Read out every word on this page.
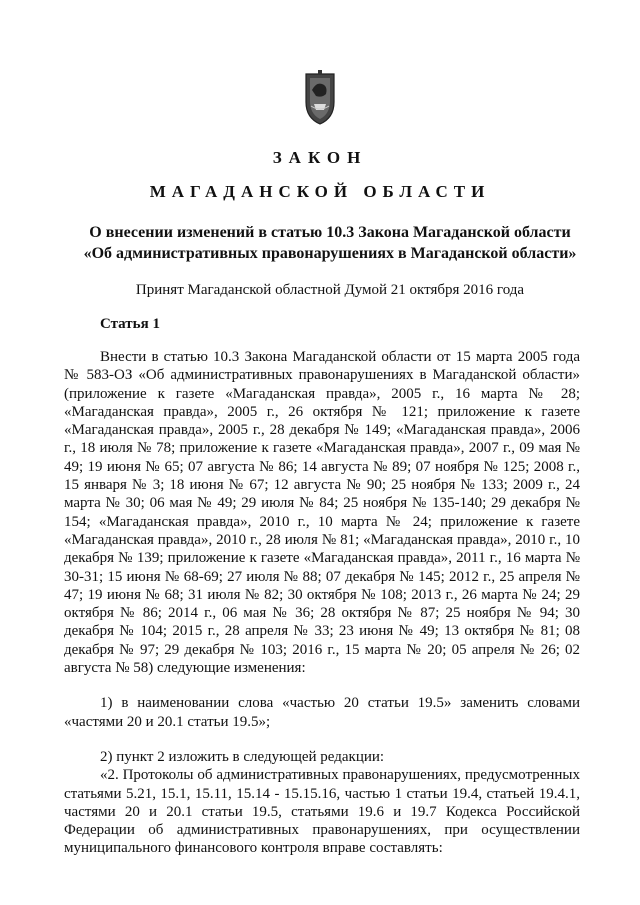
ЗАКОН
МАГАДАНСКОЙ ОБЛАСТИ
О внесении изменений в статью 10.3 Закона Магаданской области
«Об административных правонарушениях в Магаданской области»
Принят Магаданской областной Думой 21 октября 2016 года
Статья 1

Внести в статью 10.3 Закона Магаданской области от 15 марта 2005 года № 583-ОЗ «Об административных правонарушениях в Магаданской области» (приложение к газете «Магаданская правда», 2005 г., 16 марта № 28; «Магаданская правда», 2005 г., 26 октября № 121; приложение к газете «Магаданская правда», 2005 г., 28 декабря № 149; «Магаданская правда», 2006 г., 18 июля № 78; приложение к газете «Магаданская правда», 2007 г., 09 мая № 49; 19 июня № 65; 07 августа № 86; 14 августа № 89; 07 ноября № 125; 2008 г., 15 января № 3; 18 июня № 67; 12 августа № 90; 25 ноября № 133; 2009 г., 24 марта № 30; 06 мая № 49; 29 июля № 84; 25 ноября № 135-140; 29 декабря № 154; «Магаданская правда», 2010 г., 10 марта № 24; приложение к газете «Магаданская правда», 2010 г., 28 июля № 81; «Магаданская правда», 2010 г., 10 декабря № 139; приложение к газете «Магаданская правда», 2011 г., 16 марта № 30-31; 15 июня № 68-69; 27 июля № 88; 07 декабря № 145; 2012 г., 25 апреля № 47; 19 июня № 68; 31 июля № 82; 30 октября № 108; 2013 г., 26 марта № 24; 29 октября № 86; 2014 г., 06 мая № 36; 28 октября № 87; 25 ноября № 94; 30 декабря № 104; 2015 г., 28 апреля № 33; 23 июня № 49; 13 октября № 81; 08 декабря № 97; 29 декабря № 103; 2016 г., 15 марта № 20; 05 апреля № 26; 02 августа № 58) следующие изменения:

1) в наименовании слова «частью 20 статьи 19.5» заменить словами «частями 20 и 20.1 статьи 19.5»;

2) пункт 2 изложить в следующей редакции:

«2. Протоколы об административных правонарушениях, предусмотренных статьями 5.21, 15.1, 15.11, 15.14 - 15.15.16, частью 1 статьи 19.4, статьей 19.4.1, частями 20 и 20.1 статьи 19.5, статьями 19.6 и 19.7 Кодекса Российской Федерации об административных правонарушениях, при осуществлении муниципального финансового контроля вправе составлять:
